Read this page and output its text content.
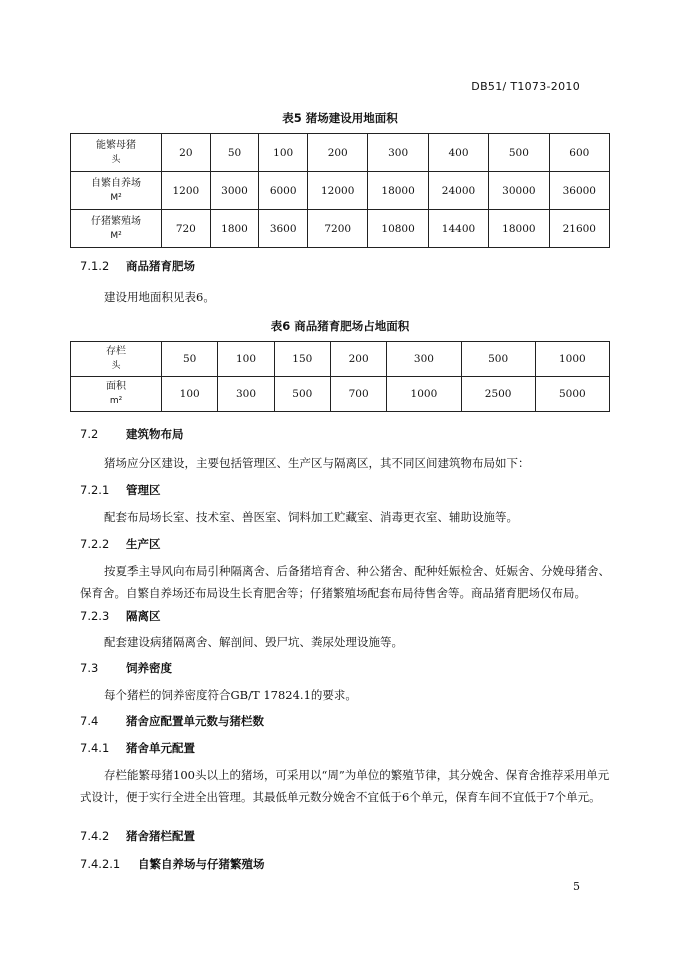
DB51/ T1073-2010
表5 猪场建设用地面积
能繁母猪
头	20	50	100	200	300	400	500	600

自繁自养场
M²	1200	3000	6000	12000	18000	24000	30000	36000

仔猪繁殖场
M²	720	1800	3600	7200	10800	14400	18000	21600
7.1.2 商品猪育肥场
建设用地面积见表6。
表6 商品猪育肥场占地面积
存栏
头	50	100	150	200	300	500	1000

面积
m²	100	300	500	700	1000	2500	5000
7.2 建筑物布局
猪场应分区建设，主要包括管理区、生产区与隔离区，其不同区间建筑物布局如下：
7.2.1 管理区
配套布局场长室、技术室、兽医室、饲料加工贮藏室、消毒更衣室、辅助设施等。
7.2.2 生产区
按夏季主导风向布局引种隔离舍、后备猪培育舍、种公猪舍、配种妊娠检舍、妊娠舍、分娩母猪舍、保育舍。自繁自养场还布局设生长育肥舍等；仔猪繁殖场配套布局待售舍等。商品猪育肥场仅布局。
7.2.3 隔离区
配套建设病猪隔离舍、解剖间、毁尸坑、粪尿处理设施等。
7.3 饲养密度
每个猪栏的饲养密度符合GB/T 17824.1的要求。
7.4 猪舍应配置单元数与猪栏数
7.4.1 猪舍单元配置
存栏能繁母猪100头以上的猪场，可采用以“周”为单位的繁殖节律，其分娩舍、保育舍推荐采用单元式设计，便于实行全进全出管理。其最低单元数分娩舍不宜低于6个单元，保育车间不宜低于7个单元。
7.4.2 猪舍猪栏配置
7.4.2.1 自繁自养场与仔猪繁殖场
5
